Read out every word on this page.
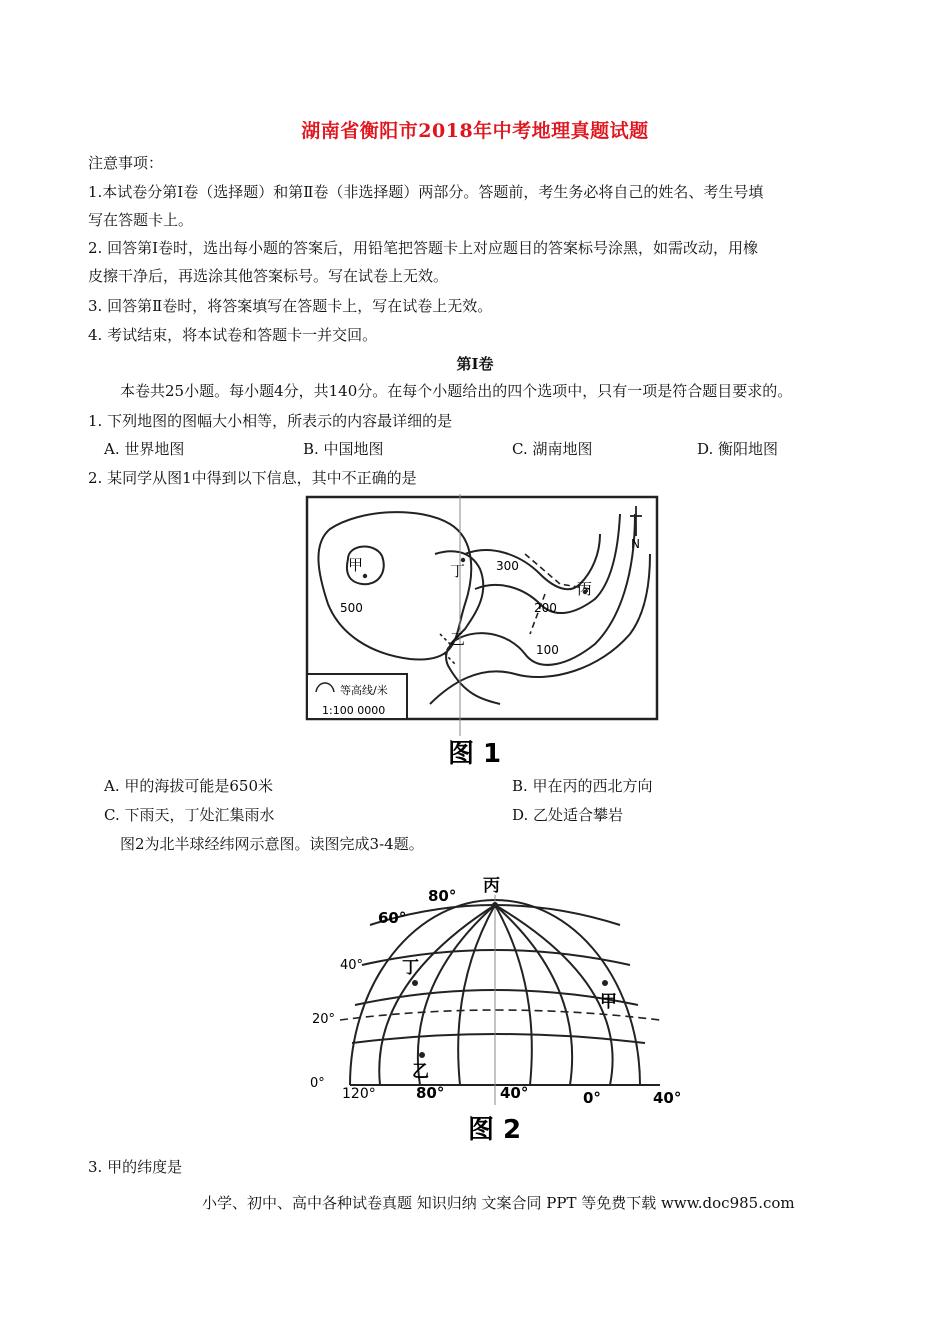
湖南省衡阳市2018年中考地理真题试题
注意事项：
1.本试卷分第Ⅰ卷（选择题）和第Ⅱ卷（非选择题）两部分。答题前，考生务必将自己的姓名、考生号填
写在答题卡上。
2. 回答第Ⅰ卷时，选出每小题的答案后，用铅笔把答题卡上对应题目的答案标号涂黑，如需改动，用橡
皮擦干净后，再选涂其他答案标号。写在试卷上无效。
3. 回答第Ⅱ卷时，将答案填写在答题卡上，写在试卷上无效。
4. 考试结束，将本试卷和答题卡一并交回。
第Ⅰ卷
本卷共25小题。每小题4分，共140分。在每个小题给出的四个选项中，只有一项是符合题目要求的。
1. 下列地图的图幅大小相等，所表示的内容最详细的是
A. 世界地图	B. 中国地图	C. 湖南地图	D. 衡阳地图
2. 某同学从图1中得到以下信息，其中不正确的是
甲
乙
丙
丁
N
500
300
200
100
等高线/米
1:100 0000
图 1
A. 甲的海拔可能是650米	B. 甲在丙的西北方向
C. 下雨天，丁处汇集雨水	D. 乙处适合攀岩
图2为北半球经纬网示意图。读图完成3-4题。
丙
丁
甲
乙
80°
60°
40°
20°
0°
120°	80°	40°	0°	40°
图 2
3. 甲的纬度是
小学、初中、高中各种试卷真题 知识归纳 文案合同 PPT 等免费下载 www.doc985.com
